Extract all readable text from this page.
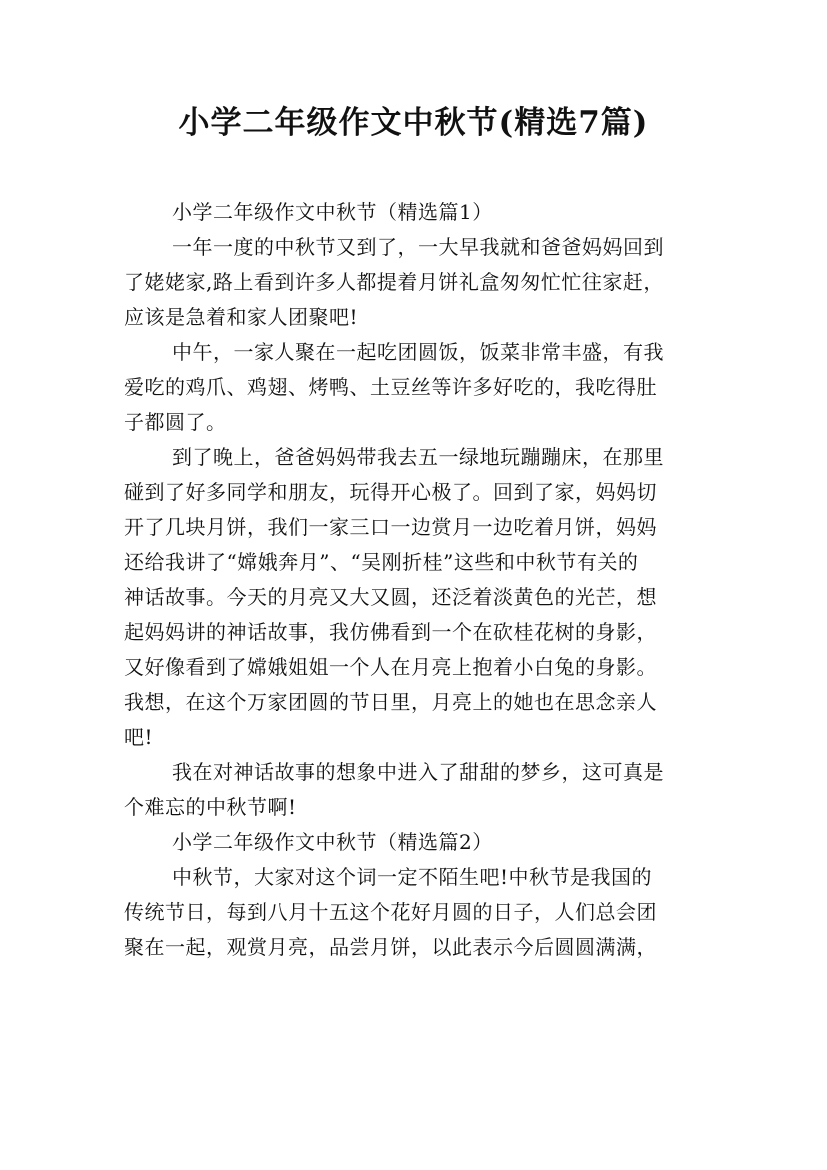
小学二年级作文中秋节(精选7篇)
小学二年级作文中秋节（精选篇1）
一年一度的中秋节又到了，一大早我就和爸爸妈妈回到
了姥姥家,路上看到许多人都提着月饼礼盒匆匆忙忙往家赶，
应该是急着和家人团聚吧!
中午，一家人聚在一起吃团圆饭，饭菜非常丰盛，有我
爱吃的鸡爪、鸡翅、烤鸭、土豆丝等许多好吃的，我吃得肚
子都圆了。
到了晚上，爸爸妈妈带我去五一绿地玩蹦蹦床，在那里
碰到了好多同学和朋友，玩得开心极了。回到了家，妈妈切
开了几块月饼，我们一家三口一边赏月一边吃着月饼，妈妈
还给我讲了“嫦娥奔月”、“吴刚折桂”这些和中秋节有关的
神话故事。今天的月亮又大又圆，还泛着淡黄色的光芒，想
起妈妈讲的神话故事，我仿佛看到一个在砍桂花树的身影，
又好像看到了嫦娥姐姐一个人在月亮上抱着小白兔的身影。
我想，在这个万家团圆的节日里，月亮上的她也在思念亲人
吧!
我在对神话故事的想象中进入了甜甜的梦乡，这可真是
个难忘的中秋节啊!
小学二年级作文中秋节（精选篇2）
中秋节，大家对这个词一定不陌生吧!中秋节是我国的
传统节日，每到八月十五这个花好月圆的日子，人们总会团
聚在一起，观赏月亮，品尝月饼，以此表示今后圆圆满满，
